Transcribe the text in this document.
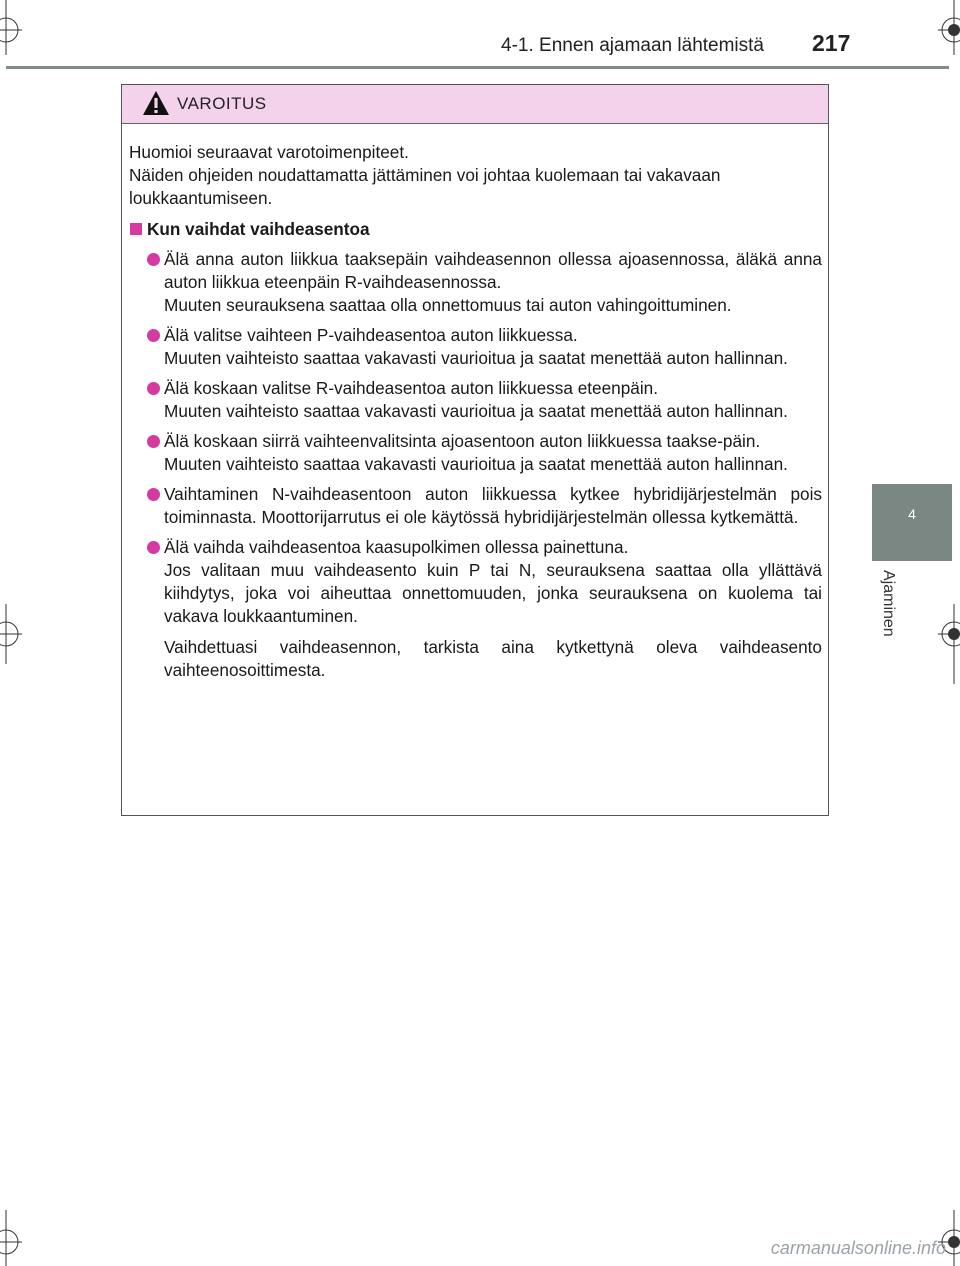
4-1. Ennen ajamaan lähtemistä 217
4
Ajaminen
VAROITUS

Huomioi seuraavat varotoimenpiteet.

Näiden ohjeiden noudattamatta jättäminen voi johtaa kuolemaan tai vakavaan loukkaantumiseen.

Kun vaihdat vaihdeasentoa

Älä anna auton liikkua taaksepäin vaihdeasennon ollessa ajoasennossa, äläkä anna auton liikkua eteenpäin R-vaihdeasennossa.

Muuten seurauksena saattaa olla onnettomuus tai auton vahingoittuminen.

Älä valitse vaihteen P-vaihdeasentoa auton liikkuessa.

Muuten vaihteisto saattaa vakavasti vaurioitua ja saatat menettää auton hallinnan.

Älä koskaan valitse R-vaihdeasentoa auton liikkuessa eteenpäin.

Muuten vaihteisto saattaa vakavasti vaurioitua ja saatat menettää auton hallinnan.

Älä koskaan siirrä vaihteenvalitsinta ajoasentoon auton liikkuessa taakse-päin.

Muuten vaihteisto saattaa vakavasti vaurioitua ja saatat menettää auton hallinnan.

Vaihtaminen N-vaihdeasentoon auton liikkuessa kytkee hybridijärjestelmän pois toiminnasta. Moottorijarrutus ei ole käytössä hybridijärjestelmän ollessa kytkemättä.

Älä vaihda vaihdeasentoa kaasupolkimen ollessa painettuna.

Jos valitaan muu vaihdeasento kuin P tai N, seurauksena saattaa olla yllättävä kiihdytys, joka voi aiheuttaa onnettomuuden, jonka seurauksena on kuolema tai vakava loukkaantuminen.

Vaihdettuasi vaihdeasennon, tarkista aina kytkettynä oleva vaihdeasento vaihteenosoittimesta.
carmanualsonline.info
